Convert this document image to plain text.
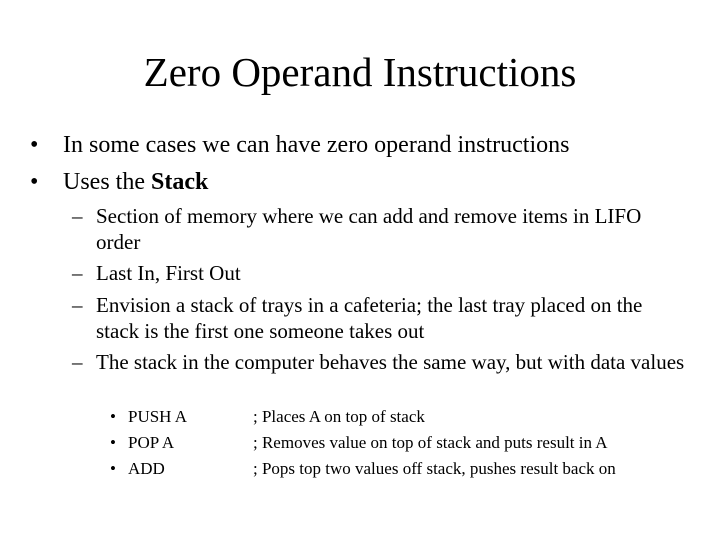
Zero Operand Instructions
• In some cases we can have zero operand instructions
• Uses the Stack
– Section of memory where we can add and remove items in LIFO order
– Last In, First Out
– Envision a stack of trays in a cafeteria; the last tray placed on the stack is the first one someone takes out
– The stack in the computer behaves the same way, but with data values
• PUSH A	; Places A on top of stack
• POP A	; Removes value on top of stack and puts result in A
• ADD	; Pops top two values off stack, pushes result back on
